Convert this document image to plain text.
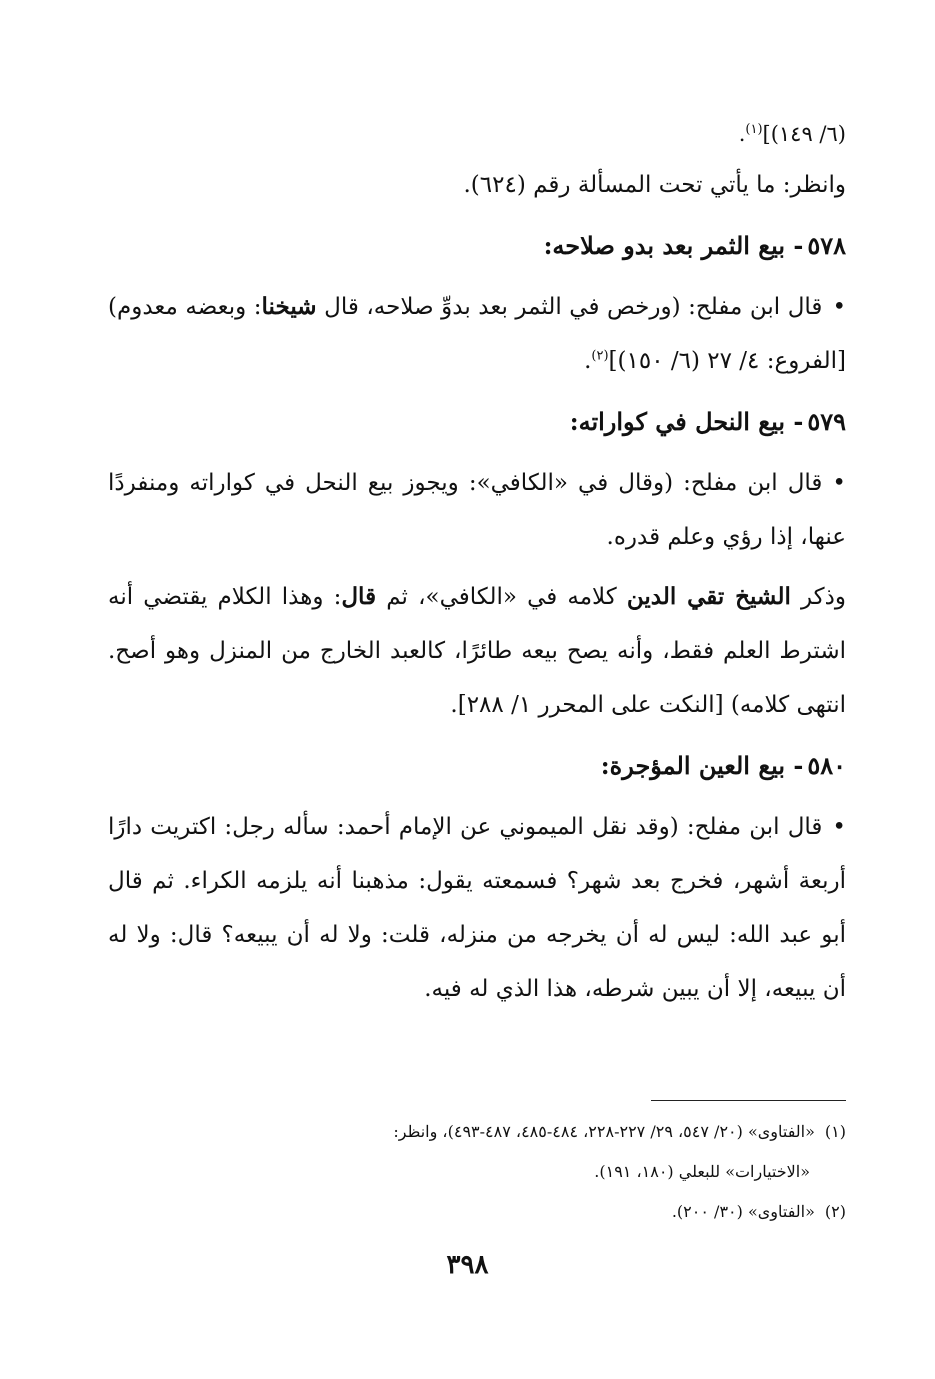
(٦/ ١٤٩)]$^{(١)}$.

وانظر: ما يأتي تحت المسألة رقم (٦٢٤).

٥٧٨- بيع الثمر بعد بدو صلاحه:

•قال ابن مفلح: (ورخص في الثمر بعد بدوِّ صلاحه، قال شيخنا: وبعضه معدوم) [الفروع: ٤/ ٢٧ (٦/ ١٥٠)]$^{(٢)}$.

٥٧٩- بيع النحل في كواراته:

•قال ابن مفلح: (وقال في «الكافي»: ويجوز بيع النحل في كواراته ومنفردًا عنها، إذا رؤي وعلم قدره.

وذكر الشيخ تقي الدين كلامه في «الكافي»، ثم قال: وهذا الكلام يقتضي أنه اشترط العلم فقط، وأنه يصح بيعه طائرًا، كالعبد الخارج من المنزل وهو أصح. انتهى كلامه) [النكت على المحرر ١/ ٢٨٨].

٥٨٠- بيع العين المؤجرة:

•قال ابن مفلح: (وقد نقل الميموني عن الإمام أحمد: سأله رجل: اكتريت دارًا أربعة أشهر، فخرج بعد شهر؟ فسمعته يقول: مذهبنا أنه يلزمه الكراء. ثم قال أبو عبد الله: ليس له أن يخرجه من منزله، قلت: ولا له أن يبيعه؟ قال: ولا له أن يبيعه، إلا أن يبين شرطه، هذا الذي له فيه.

(١)«الفتاوى» (٢٠/ ٥٤٧، ٢٩/ ٢٢٧-٢٢٨، ٤٨٤-٤٨٥، ٤٨٧-٤٩٣)، وانظر:

«الاختيارات» للبعلي (١٨٠، ١٩١).

(٢)«الفتاوى» (٣٠/ ٢٠٠).

٣٩٨
